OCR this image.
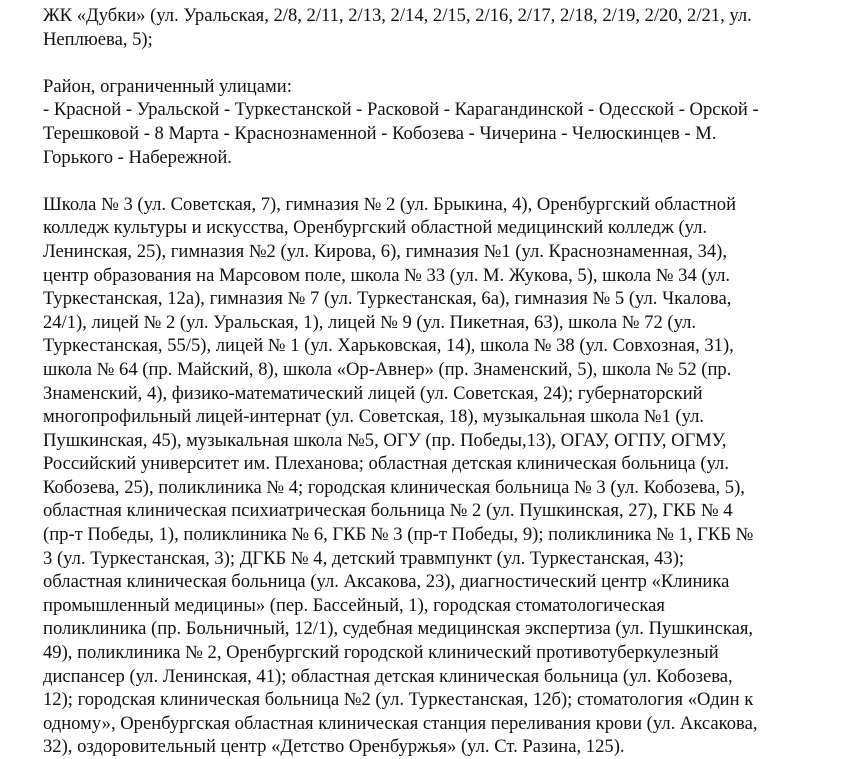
ЖК «Дубки» (ул. Уральская, 2/8, 2/11, 2/13, 2/14, 2/15, 2/16, 2/17, 2/18, 2/19, 2/20, 2/21, ул.
Неплюева, 5);
Район, ограниченный улицами:
- Красной - Уральской - Туркестанской - Расковой - Карагандинской - Одесской - Орской -
Терешковой - 8 Марта - Краснознаменной - Кобозева - Чичерина - Челюскинцев - М.
Горького - Набережной.
Школа № 3 (ул. Советская, 7), гимназия № 2 (ул. Брыкина, 4), Оренбургский областной
колледж культуры и искусства, Оренбургский областной медицинский колледж (ул.
Ленинская, 25), гимназия №2 (ул. Кирова, 6), гимназия №1 (ул. Краснознаменная, 34),
центр образования на Марсовом поле, школа № 33 (ул. М. Жукова, 5), школа № 34 (ул.
Туркестанская, 12а), гимназия № 7 (ул. Туркестанская, 6а), гимназия № 5 (ул. Чкалова,
24/1), лицей № 2 (ул. Уральская, 1), лицей № 9 (ул. Пикетная, 63), школа № 72 (ул.
Туркестанская, 55/5), лицей № 1 (ул. Харьковская, 14), школа № 38 (ул. Совхозная, 31),
школа № 64 (пр. Майский, 8), школа «Ор-Авнер» (пр. Знаменский, 5), школа № 52 (пр.
Знаменский, 4), физико-математический лицей (ул. Советская, 24); губернаторский
многопрофильный лицей-интернат (ул. Советская, 18), музыкальная школа №1 (ул.
Пушкинская, 45), музыкальная школа №5, ОГУ (пр. Победы,13), ОГАУ, ОГПУ, ОГМУ,
Российский университет им. Плеханова; областная детская клиническая больница (ул.
Кобозева, 25), поликлиника № 4; городская клиническая больница № 3 (ул. Кобозева, 5),
областная клиническая психиатрическая больница № 2 (ул. Пушкинская, 27), ГКБ № 4
(пр-т Победы, 1), поликлиника № 6, ГКБ № 3 (пр-т Победы, 9); поликлиника № 1, ГКБ №
3 (ул. Туркестанская, 3); ДГКБ № 4, детский травмпункт (ул. Туркестанская, 43);
областная клиническая больница (ул. Аксакова, 23), диагностический центр «Клиника
промышленный медицины» (пер. Бассейный, 1), городская стоматологическая
поликлиника (пр. Больничный, 12/1), судебная медицинская экспертиза (ул. Пушкинская,
49), поликлиника № 2, Оренбургский городской клинический противотуберкулезный
диспансер (ул. Ленинская, 41); областная детская клиническая больница (ул. Кобозева,
12); городская клиническая больница №2 (ул. Туркестанская, 12б); стоматология «Один к
одному», Оренбургская областная клиническая станция переливания крови (ул. Аксакова,
32), оздоровительный центр «Детство Оренбуржья» (ул. Ст. Разина, 125).
